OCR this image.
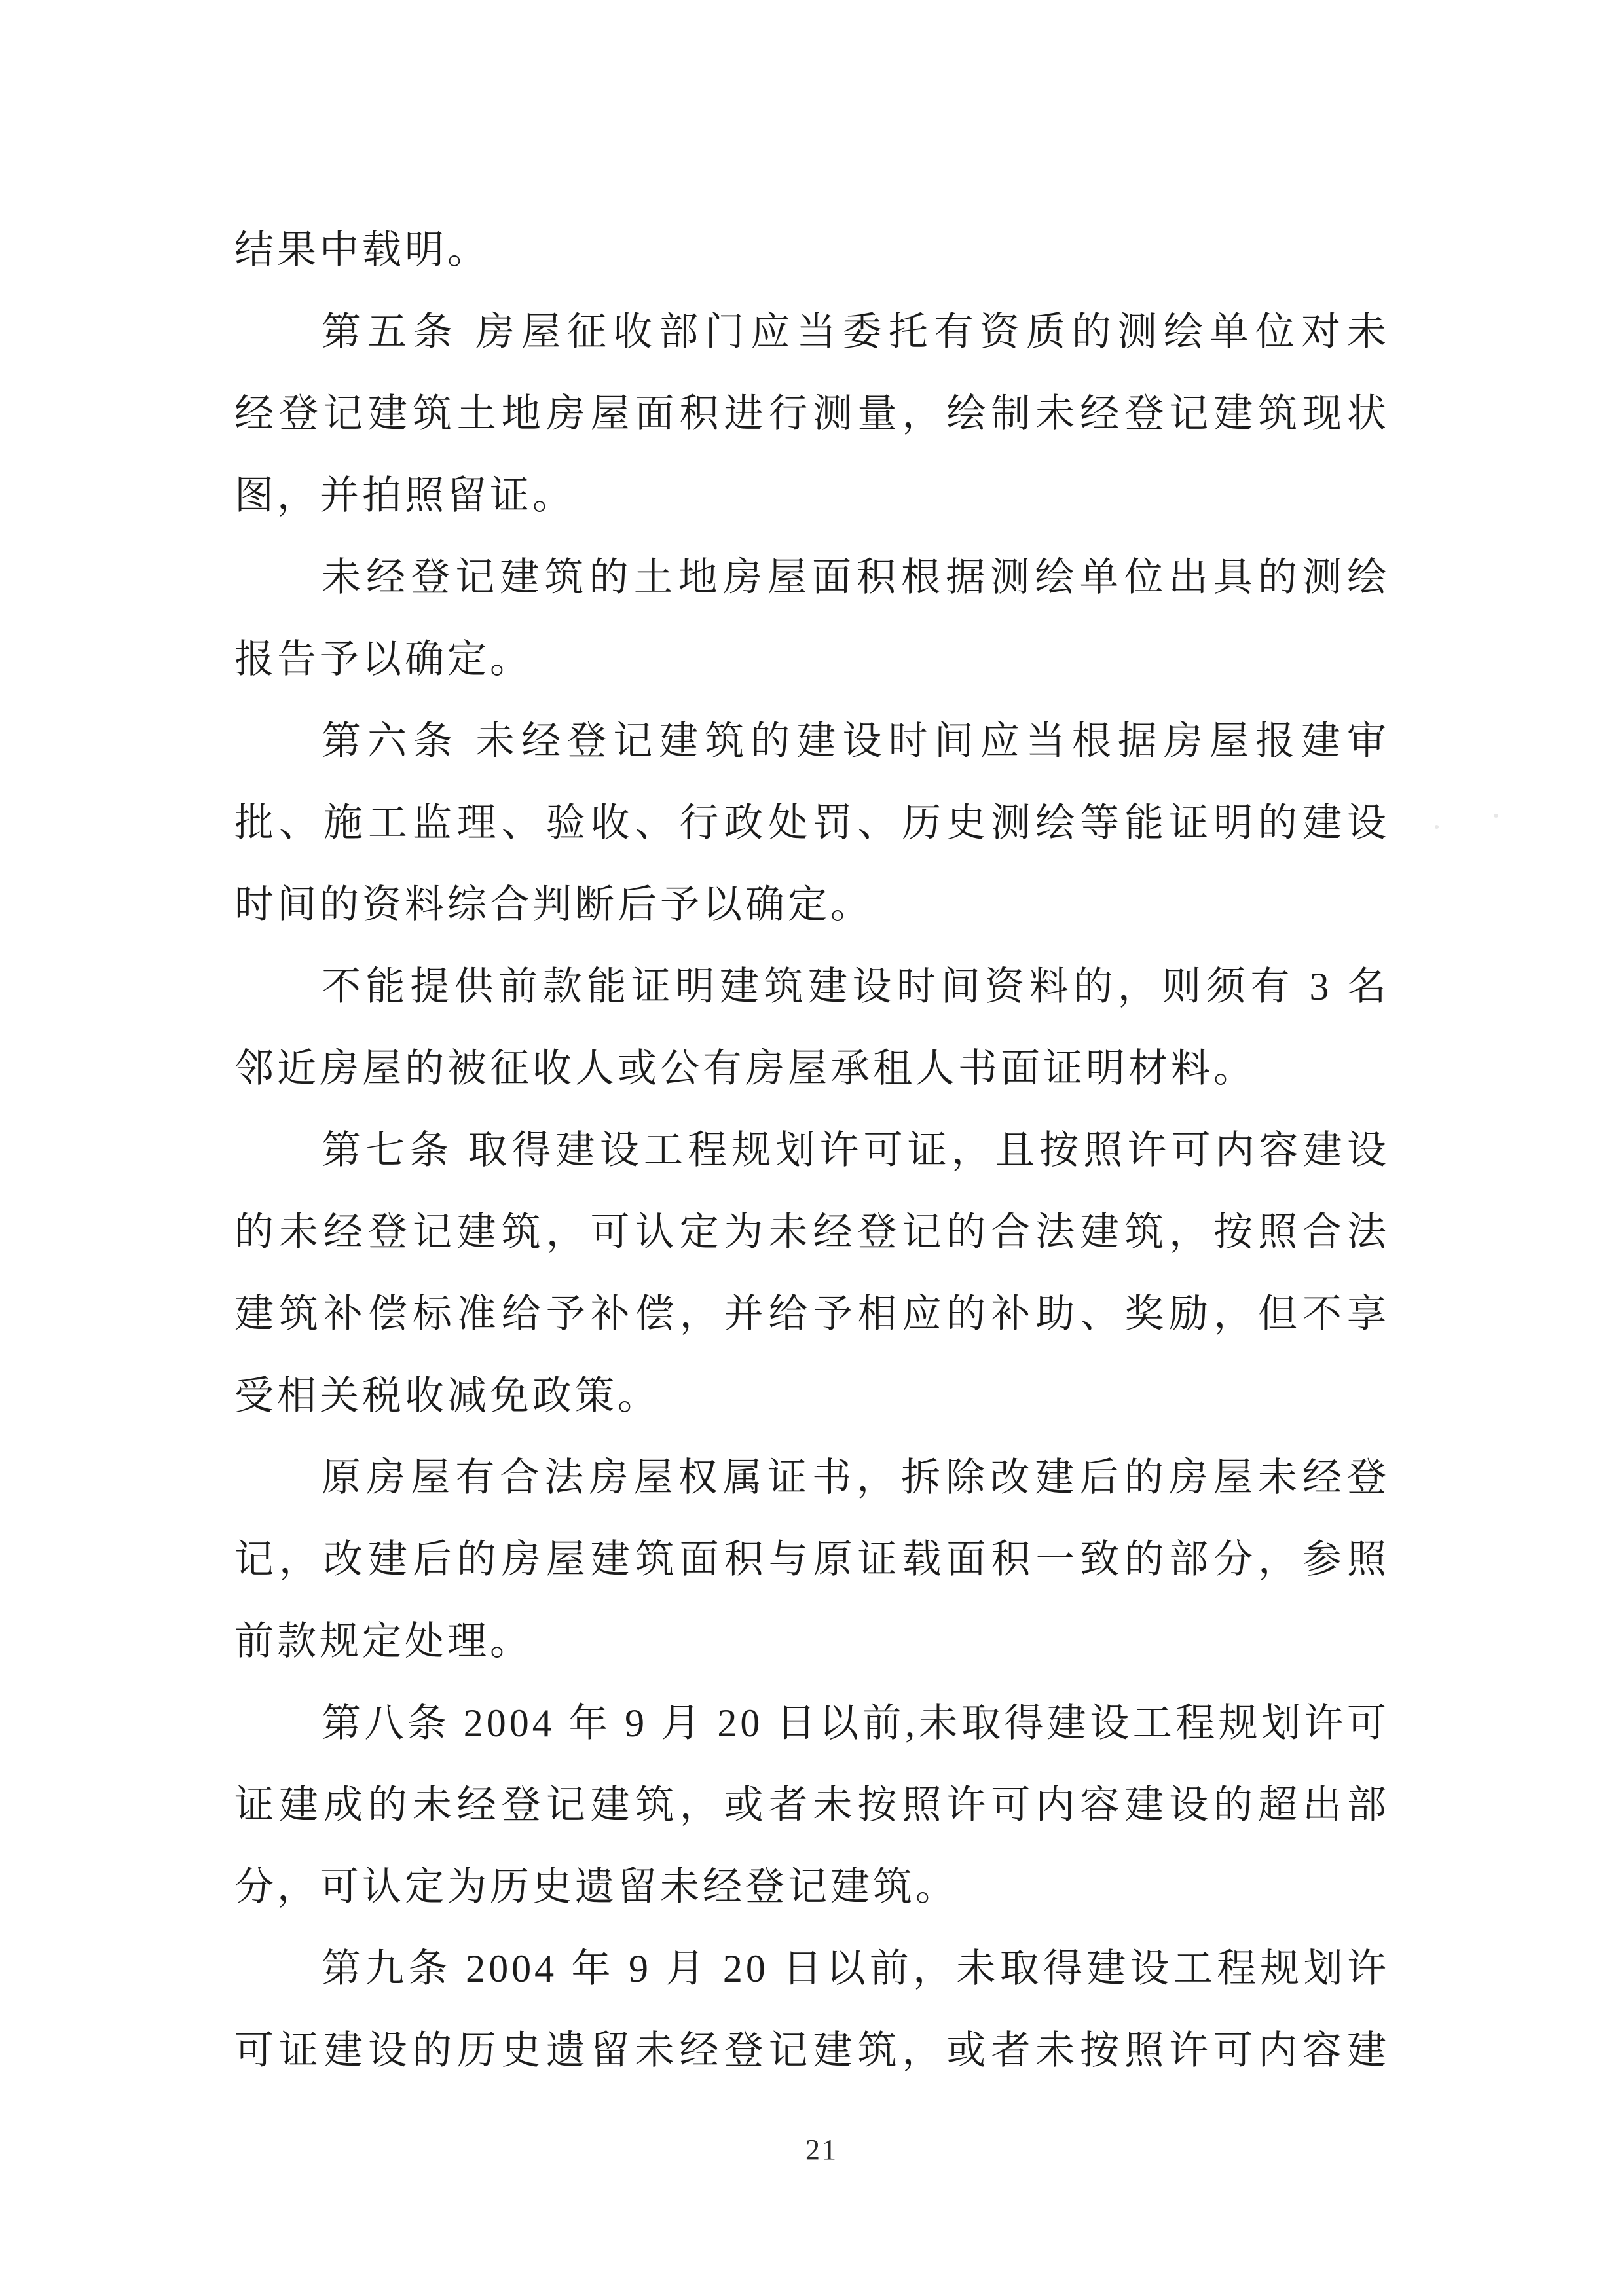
结果中载明。
第五条 房屋征收部门应当委托有资质的测绘单位对未
经登记建筑土地房屋面积进行测量，绘制未经登记建筑现状
图，并拍照留证。
未经登记建筑的土地房屋面积根据测绘单位出具的测绘
报告予以确定。
第六条 未经登记建筑的建设时间应当根据房屋报建审
批、施工监理、验收、行政处罚、历史测绘等能证明的建设
时间的资料综合判断后予以确定。
不能提供前款能证明建筑建设时间资料的，则须有 3 名
邻近房屋的被征收人或公有房屋承租人书面证明材料。
第七条 取得建设工程规划许可证，且按照许可内容建设
的未经登记建筑，可认定为未经登记的合法建筑，按照合法
建筑补偿标准给予补偿，并给予相应的补助、奖励，但不享
受相关税收减免政策。
原房屋有合法房屋权属证书，拆除改建后的房屋未经登
记，改建后的房屋建筑面积与原证载面积一致的部分，参照
前款规定处理。
第八条 2004 年 9 月 20 日以前,未取得建设工程规划许可
证建成的未经登记建筑，或者未按照许可内容建设的超出部
分，可认定为历史遗留未经登记建筑。
第九条 2004 年 9 月 20 日以前，未取得建设工程规划许
可证建设的历史遗留未经登记建筑，或者未按照许可内容建
21
